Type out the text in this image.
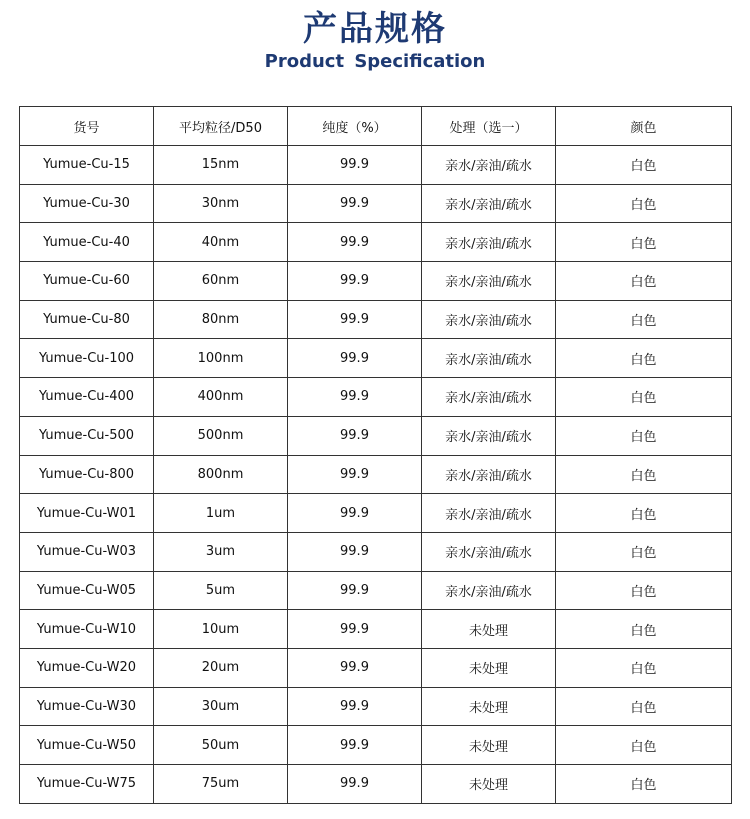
产品规格
Product Specification
货号	平均粒径/D50	纯度（%）	处理（选一）	颜色
Yumue-Cu-15	15nm	99.9	亲水/亲油/疏水	白色
Yumue-Cu-30	30nm	99.9	亲水/亲油/疏水	白色
Yumue-Cu-40	40nm	99.9	亲水/亲油/疏水	白色
Yumue-Cu-60	60nm	99.9	亲水/亲油/疏水	白色
Yumue-Cu-80	80nm	99.9	亲水/亲油/疏水	白色
Yumue-Cu-100	100nm	99.9	亲水/亲油/疏水	白色
Yumue-Cu-400	400nm	99.9	亲水/亲油/疏水	白色
Yumue-Cu-500	500nm	99.9	亲水/亲油/疏水	白色
Yumue-Cu-800	800nm	99.9	亲水/亲油/疏水	白色
Yumue-Cu-W01	1um	99.9	亲水/亲油/疏水	白色
Yumue-Cu-W03	3um	99.9	亲水/亲油/疏水	白色
Yumue-Cu-W05	5um	99.9	亲水/亲油/疏水	白色
Yumue-Cu-W10	10um	99.9	未处理	白色
Yumue-Cu-W20	20um	99.9	未处理	白色
Yumue-Cu-W30	30um	99.9	未处理	白色
Yumue-Cu-W50	50um	99.9	未处理	白色
Yumue-Cu-W75	75um	99.9	未处理	白色
